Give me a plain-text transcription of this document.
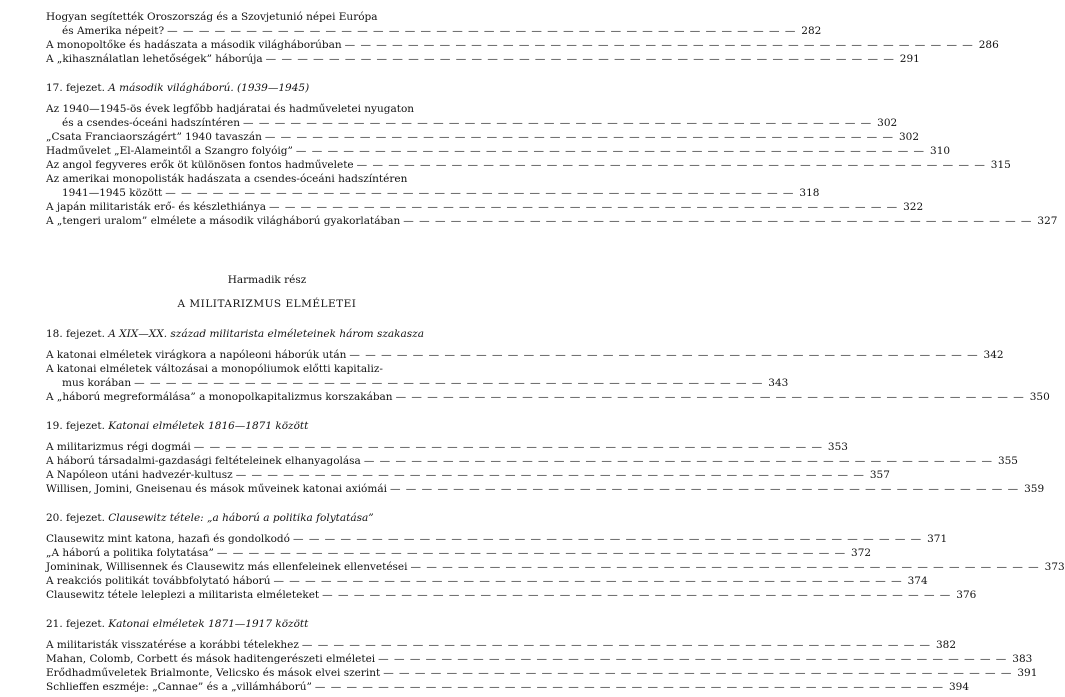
Hogyan segítették Oroszország és a Szovjetunió népei Európa
és Amerika népeit? — — — — — — — — — — — — — — — — — — — — — — — — — — — — — — — — — — — — — — — — 282
A monopoltőke és hadászata a második világháborúban — — — — — — — — — — — — — — — — — — — — — — — — — — — — — — — — — — — — — — — — 286
A „kihasználatlan lehetőségek” háborúja — — — — — — — — — — — — — — — — — — — — — — — — — — — — — — — — — — — — — — — — 291
17. fejezet. A második világháború. (1939—1945)
Az 1940—1945-ös évek legfőbb hadjáratai és hadműveletei nyugaton
és a csendes-óceáni hadszíntéren — — — — — — — — — — — — — — — — — — — — — — — — — — — — — — — — — — — — — — — — 302
„Csata Franciaországért” 1940 tavaszán — — — — — — — — — — — — — — — — — — — — — — — — — — — — — — — — — — — — — — — — 302
Hadművelet „El-Alameintől a Szangro folyóig” — — — — — — — — — — — — — — — — — — — — — — — — — — — — — — — — — — — — — — — — 310
Az angol fegyveres erők öt különösen fontos hadművelete — — — — — — — — — — — — — — — — — — — — — — — — — — — — — — — — — — — — — — — — 315
Az amerikai monopolisták hadászata a csendes-óceáni hadszíntéren
1941—1945 között — — — — — — — — — — — — — — — — — — — — — — — — — — — — — — — — — — — — — — — — 318
A japán militaristák erő- és készlethiánya — — — — — — — — — — — — — — — — — — — — — — — — — — — — — — — — — — — — — — — — 322
A „tengeri uralom” elmélete a második világháború gyakorlatában — — — — — — — — — — — — — — — — — — — — — — — — — — — — — — — — — — — — — — — — 327
Harmadik rész
A MILITARIZMUS ELMÉLETEI
18. fejezet. A XIX—XX. század militarista elméleteinek három szakasza
A katonai elméletek virágkora a napóleoni háborúk után — — — — — — — — — — — — — — — — — — — — — — — — — — — — — — — — — — — — — — — — 342
A katonai elméletek változásai a monopóliumok előtti kapitaliz-
mus korában — — — — — — — — — — — — — — — — — — — — — — — — — — — — — — — — — — — — — — — — 343
A „háború megreformálása” a monopolkapitalizmus korszakában — — — — — — — — — — — — — — — — — — — — — — — — — — — — — — — — — — — — — — — — 350
19. fejezet. Katonai elméletek 1816—1871 között
A militarizmus régi dogmái — — — — — — — — — — — — — — — — — — — — — — — — — — — — — — — — — — — — — — — — 353
A háború társadalmi-gazdasági feltételeinek elhanyagolása — — — — — — — — — — — — — — — — — — — — — — — — — — — — — — — — — — — — — — — — 355
A Napóleon utáni hadvezér-kultusz — — — — — — — — — — — — — — — — — — — — — — — — — — — — — — — — — — — — — — — — 357
Willisen, Jomini, Gneisenau és mások műveinek katonai axiómái — — — — — — — — — — — — — — — — — — — — — — — — — — — — — — — — — — — — — — — — 359
20. fejezet. Clausewitz tétele: „a háború a politika folytatása”
Clausewitz mint katona, hazafi és gondolkodó — — — — — — — — — — — — — — — — — — — — — — — — — — — — — — — — — — — — — — — — 371
„A háború a politika folytatása” — — — — — — — — — — — — — — — — — — — — — — — — — — — — — — — — — — — — — — — — 372
Jomininak, Willisennek és Clausewitz más ellenfeleinek ellenvetései — — — — — — — — — — — — — — — — — — — — — — — — — — — — — — — — — — — — — — — — 373
A reakciós politikát továbbfolytató háború — — — — — — — — — — — — — — — — — — — — — — — — — — — — — — — — — — — — — — — — 374
Clausewitz tétele leleplezi a militarista elméleteket — — — — — — — — — — — — — — — — — — — — — — — — — — — — — — — — — — — — — — — — 376
21. fejezet. Katonai elméletek 1871—1917 között
A militaristák visszatérése a korábbi tételekhez — — — — — — — — — — — — — — — — — — — — — — — — — — — — — — — — — — — — — — — — 382
Mahan, Colomb, Corbett és mások haditengerészeti elméletei — — — — — — — — — — — — — — — — — — — — — — — — — — — — — — — — — — — — — — — — 383
Erődhadműveletek Brialmonte, Velicsko és mások elvei szerint — — — — — — — — — — — — — — — — — — — — — — — — — — — — — — — — — — — — — — — — 391
Schlieffen eszméje: „Cannae” és a „villámháború” — — — — — — — — — — — — — — — — — — — — — — — — — — — — — — — — — — — — — — — — 394
